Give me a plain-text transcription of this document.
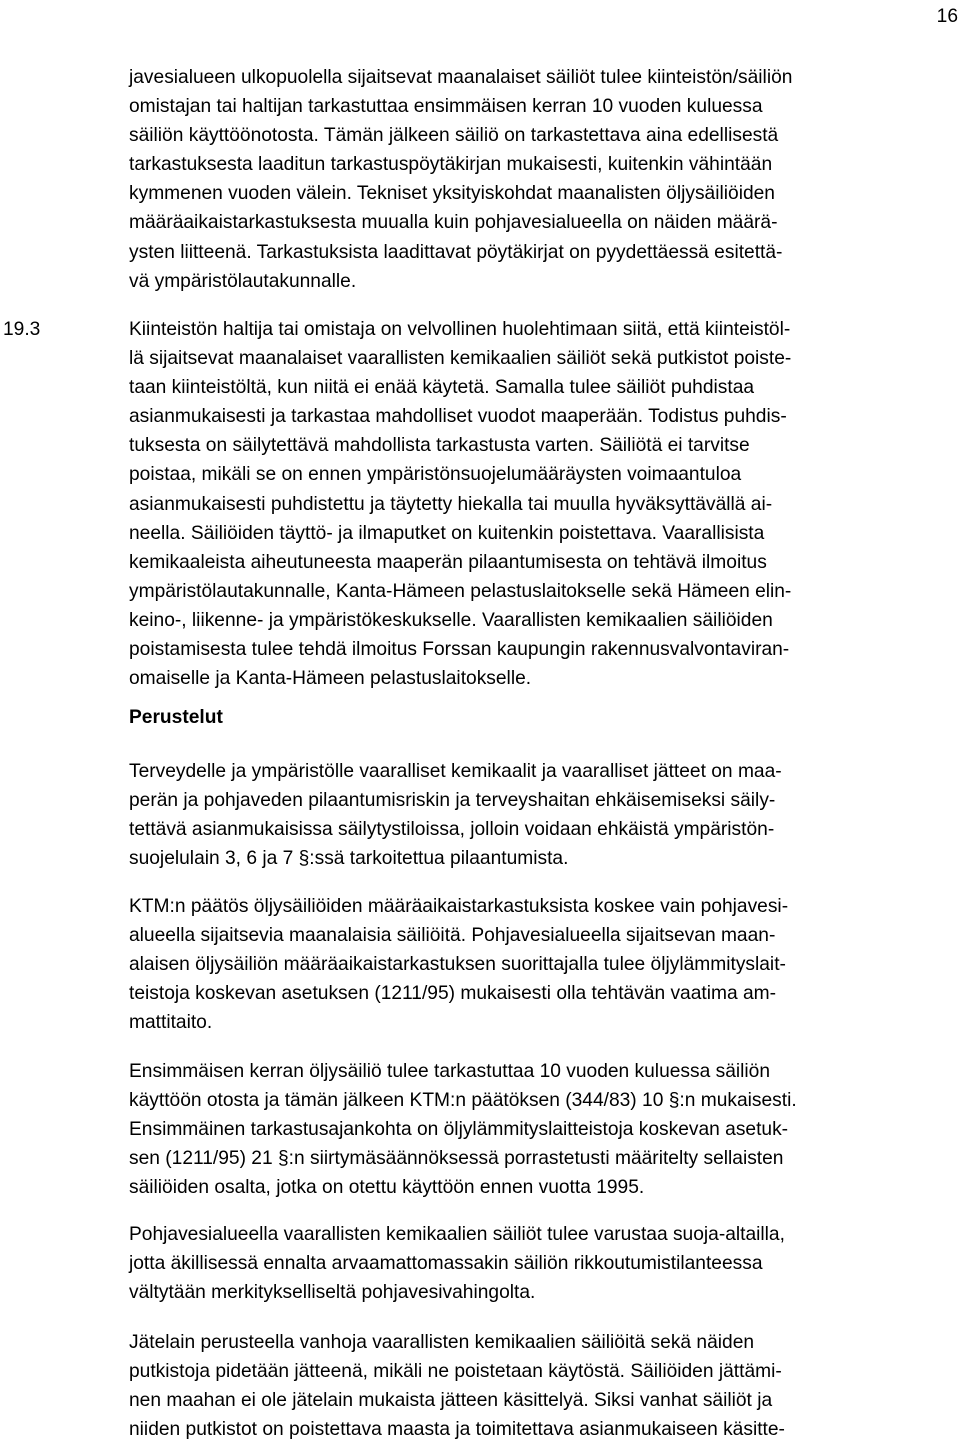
16
javesialueen ulkopuolella sijaitsevat maanalaiset säiliöt tulee kiinteistön/säiliön
omistajan tai haltijan tarkastuttaa ensimmäisen kerran 10 vuoden kuluessa
säiliön käyttöönotosta. Tämän jälkeen säiliö on tarkastettava aina edellisestä
tarkastuksesta laaditun tarkastuspöytäkirjan mukaisesti, kuitenkin vähintään
kymmenen vuoden välein. Tekniset yksityiskohdat maanalisten öljysäiliöiden
määräaikaistarkastuksesta muualla kuin pohjavesialueella on näiden määrä-
ysten liitteenä. Tarkastuksista laadittavat pöytäkirjat on pyydettäessä esitettä-
vä ympäristölautakunnalle.
19.3	Kiinteistön haltija tai omistaja on velvollinen huolehtimaan siitä, että kiinteistöl-
lä sijaitsevat maanalaiset vaarallisten kemikaalien säiliöt sekä putkistot poiste-
taan kiinteistöltä, kun niitä ei enää käytetä. Samalla tulee säiliöt puhdistaa
asianmukaisesti ja tarkastaa mahdolliset vuodot maaperään. Todistus puhdis-
tuksesta on säilytettävä mahdollista tarkastusta varten. Säiliötä ei tarvitse
poistaa, mikäli se on ennen ympäristönsuojelumääräysten voimaantuloa
asianmukaisesti puhdistettu ja täytetty hiekalla tai muulla hyväksyttävällä ai-
neella. Säiliöiden täyttö- ja ilmaputket on kuitenkin poistettava. Vaarallisista
kemikaaleista aiheutuneesta maaperän pilaantumisesta on tehtävä ilmoitus
ympäristölautakunnalle, Kanta-Hämeen pelastuslaitokselle sekä Hämeen elin-
keino-, liikenne- ja ympäristökeskukselle. Vaarallisten kemikaalien säiliöiden
poistamisesta tulee tehdä ilmoitus Forssan kaupungin rakennusvalvontaviran-
omaiselle ja Kanta-Hämeen pelastuslaitokselle.
Perustelut
Terveydelle ja ympäristölle vaaralliset kemikaalit ja vaaralliset jätteet on maa-
perän ja pohjaveden pilaantumisriskin ja terveyshaitan ehkäisemiseksi säily-
tettävä asianmukaisissa säilytystiloissa, jolloin voidaan ehkäistä ympäristön-
suojelulain 3, 6 ja 7 §:ssä tarkoitettua pilaantumista.
KTM:n päätös öljysäiliöiden määräaikaistarkastuksista koskee vain pohjavesi-
alueella sijaitsevia maanalaisia säiliöitä. Pohjavesialueella sijaitsevan maan-
alaisen öljysäiliön määräaikaistarkastuksen suorittajalla tulee öljylämmityslait-
teistoja koskevan asetuksen (1211/95) mukaisesti olla tehtävän vaatima am-
mattitaito.
Ensimmäisen kerran öljysäiliö tulee tarkastuttaa 10 vuoden kuluessa säiliön
käyttöön otosta ja tämän jälkeen KTM:n päätöksen (344/83) 10 §:n mukaisesti.
Ensimmäinen tarkastusajankohta on öljylämmityslaitteistoja koskevan asetuk-
sen (1211/95) 21 §:n siirtymäsäännöksessä porrastetusti määritelty sellaisten
säiliöiden osalta, jotka on otettu käyttöön ennen vuotta 1995.
Pohjavesialueella vaarallisten kemikaalien säiliöt tulee varustaa suoja-altailla,
jotta äkillisessä ennalta arvaamattomassakin säiliön rikkoutumistilanteessa
vältytään merkitykselliseltä pohjavesivahingolta.
Jätelain perusteella vanhoja vaarallisten kemikaalien säiliöitä sekä näiden
putkistoja pidetään jätteenä, mikäli ne poistetaan käytöstä. Säiliöiden jättämi-
nen maahan ei ole jätelain mukaista jätteen käsittelyä. Siksi vanhat säiliöt ja
niiden putkistot on poistettava maasta ja toimitettava asianmukaiseen käsitte-
